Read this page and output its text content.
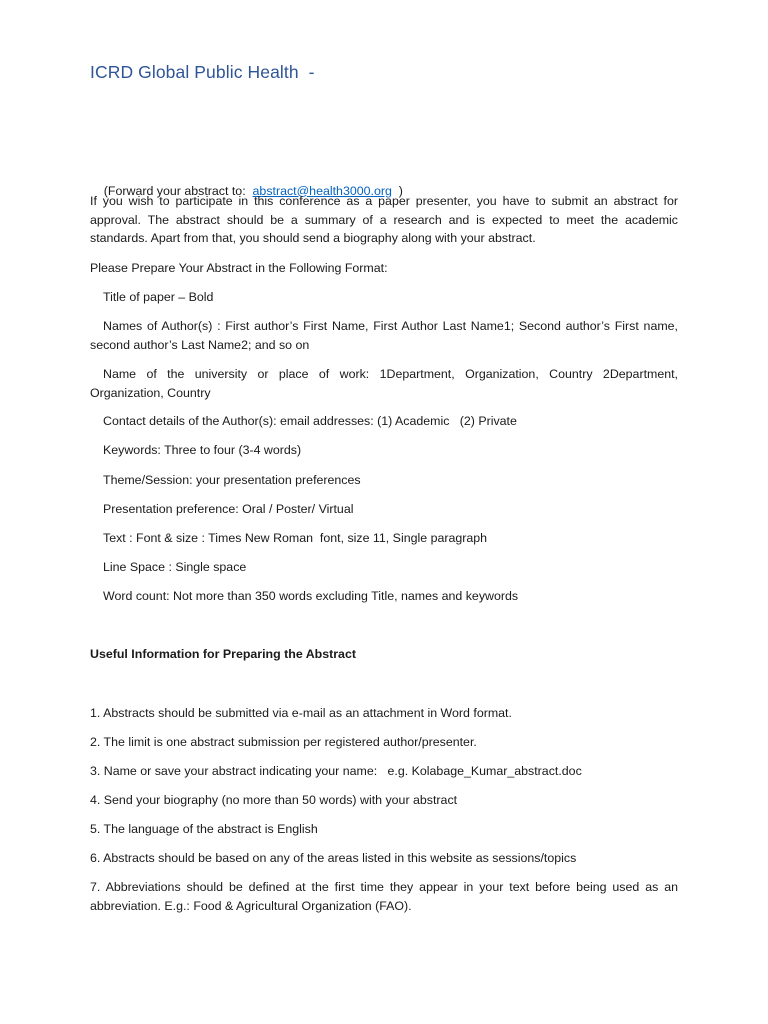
ICRD Global Public Health  -

(Forward your abstract to:  abstract@health3000.org  )

If you wish to participate in this conference as a paper presenter, you have to submit an abstract for approval. The abstract should be a summary of a research and is expected to meet the academic standards. Apart from that, you should send a biography along with your abstract.
Please Prepare Your Abstract in the Following Format:
Title of paper – Bold
Names of Author(s) : First author’s First Name, First Author Last Name1; Second author’s First name, second author’s Last Name2; and so on
Name of the university or place of work: 1Department, Organization, Country 2Department, Organization, Country
Contact details of the Author(s): email addresses: (1) Academic   (2) Private
Keywords: Three to four (3-4 words)
Theme/Session: your presentation preferences
Presentation preference: Oral / Poster/ Virtual
Text : Font & size : Times New Roman  font, size 11, Single paragraph
Line Space : Single space
Word count: Not more than 350 words excluding Title, names and keywords
Useful Information for Preparing the Abstract
1. Abstracts should be submitted via e-mail as an attachment in Word format.
2. The limit is one abstract submission per registered author/presenter.
3. Name or save your abstract indicating your name:   e.g. Kolabage_Kumar_abstract.doc
4. Send your biography (no more than 50 words) with your abstract
5. The language of the abstract is English
6. Abstracts should be based on any of the areas listed in this website as sessions/topics
7. Abbreviations should be defined at the first time they appear in your text before being used as an abbreviation. E.g.: Food & Agricultural Organization (FAO).
